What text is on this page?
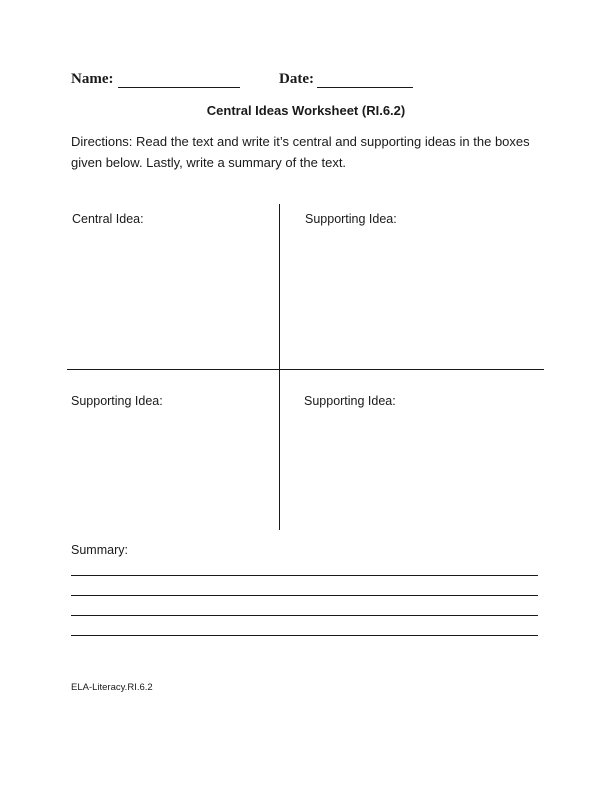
Name:	Date:
Central Ideas Worksheet (RI.6.2)
Directions: Read the text and write it’s central and supporting ideas in the boxes given below. Lastly, write a summary of the text.
Central Idea:	Supporting Idea:
Supporting Idea:	Supporting Idea:
Summary:
ELA-Literacy.RI.6.2
